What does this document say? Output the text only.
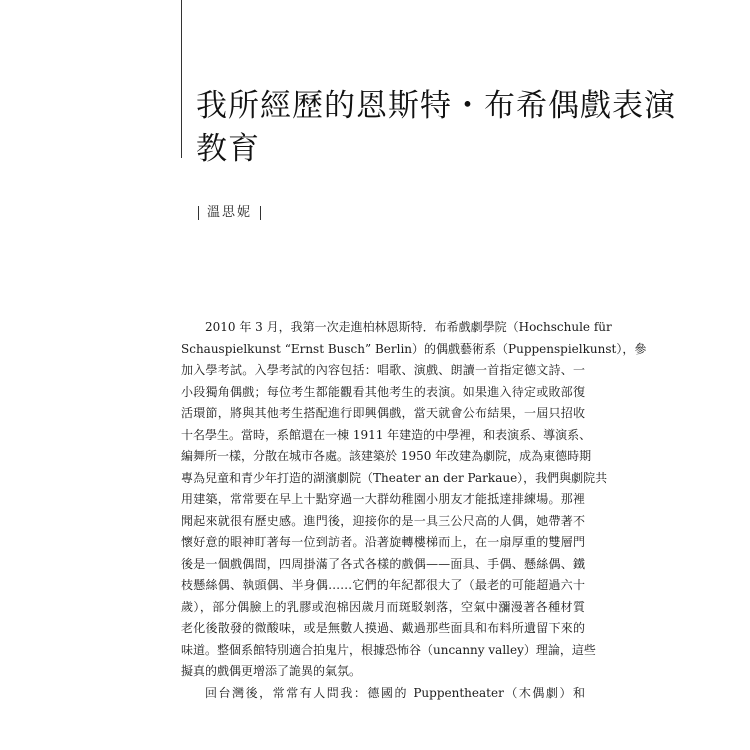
我所經歷的恩斯特・布希偶戲表演
教育
溫思妮

2010 年 3 月，我第一次走進柏林恩斯特．布希戲劇學院（Hochschule für
Schauspielkunst “Ernst Busch” Berlin）的偶戲藝術系（Puppenspielkunst），參
加入學考試。入學考試的內容包括：唱歌、演戲、朗讀一首指定德文詩、一
小段獨角偶戲；每位考生都能觀看其他考生的表演。如果進入待定或敗部復
活環節，將與其他考生搭配進行即興偶戲，當天就會公布結果，一屆只招收
十名學生。當時，系館還在一棟 1911 年建造的中學裡，和表演系、導演系、
編舞所一樣，分散在城市各處。該建築於 1950 年改建為劇院，成為東德時期
專為兒童和青少年打造的湖濱劇院（Theater an der Parkaue），我們與劇院共
用建築，常常要在早上十點穿過一大群幼稚園小朋友才能抵達排練場。那裡
聞起來就很有歷史感。進門後，迎接你的是一具三公尺高的人偶，她帶著不
懷好意的眼神盯著每一位到訪者。沿著旋轉樓梯而上，在一扇厚重的雙層門
後是一個戲偶間，四周掛滿了各式各樣的戲偶——面具、手偶、懸絲偶、鐵
枝懸絲偶、執頭偶、半身偶……它們的年紀都很大了（最老的可能超過六十
歲），部分偶臉上的乳膠或泡棉因歲月而斑駁剝落，空氣中瀰漫著各種材質
老化後散發的微酸味，或是無數人摸過、戴過那些面具和布料所遺留下來的
味道。整個系館特別適合拍鬼片，根據恐怖谷（uncanny valley）理論，這些
擬真的戲偶更增添了詭異的氣氛。

回台灣後，常常有人問我：德國的 Puppentheater（木偶劇）和
